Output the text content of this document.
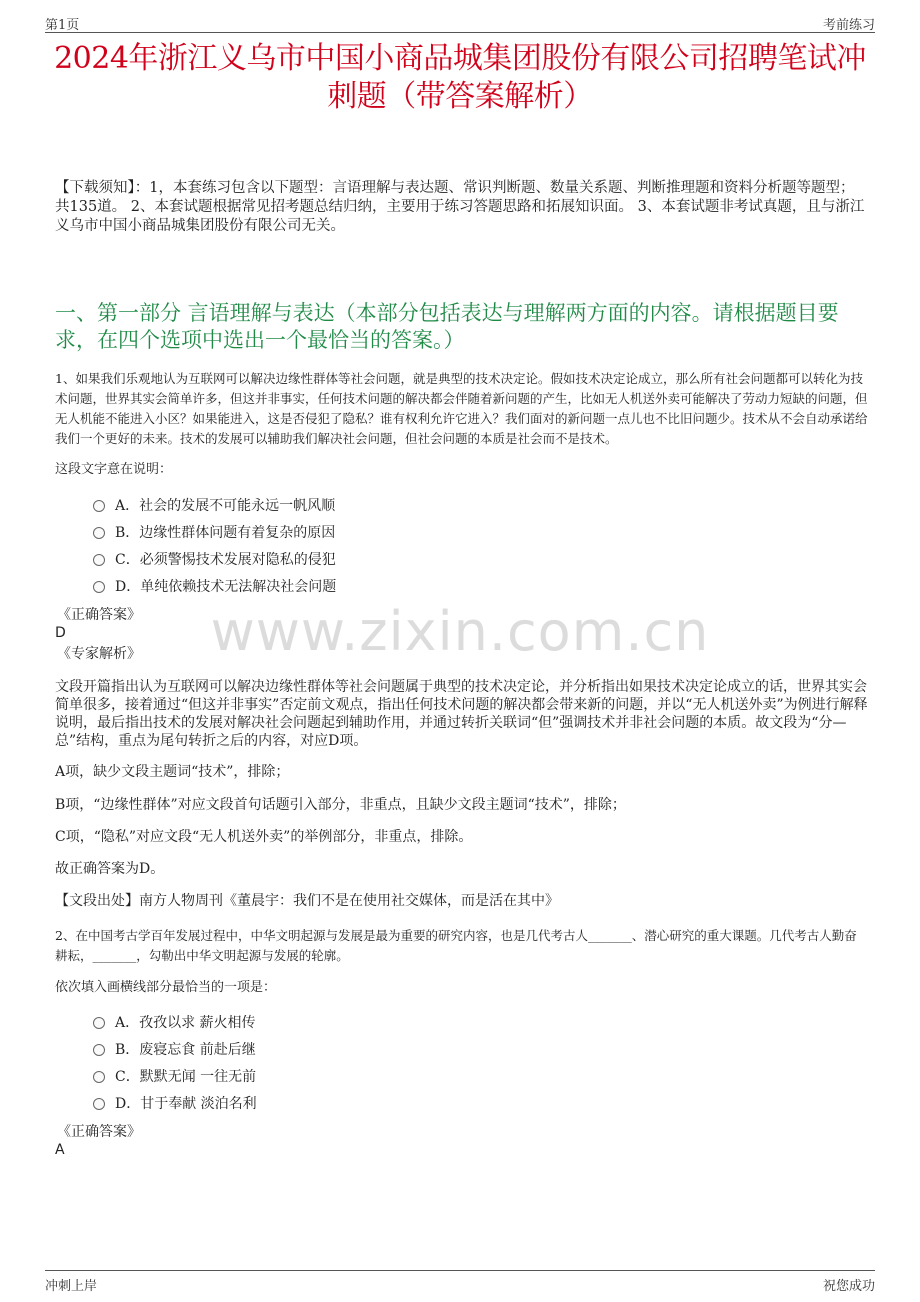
第1页	考前练习
2024年浙江义乌市中国小商品城集团股份有限公司招聘笔试冲刺题（带答案解析）
【下载须知】：1，本套练习包含以下题型：言语理解与表达题、常识判断题、数量关系题、判断推理题和资料分析题等题型；共135道。 2、本套试题根据常见招考题总结归纳，主要用于练习答题思路和拓展知识面。 3、本套试题非考试真题，且与浙江义乌市中国小商品城集团股份有限公司无关。
一、第一部分 言语理解与表达（本部分包括表达与理解两方面的内容。请根据题目要求，在四个选项中选出一个最恰当的答案。）
1、如果我们乐观地认为互联网可以解决边缘性群体等社会问题，就是典型的技术决定论。假如技术决定论成立，那么所有社会问题都可以转化为技术问题，世界其实会简单许多，但这并非事实，任何技术问题的解决都会伴随着新问题的产生，比如无人机送外卖可能解决了劳动力短缺的问题，但无人机能不能进入小区？如果能进入，这是否侵犯了隐私？谁有权利允许它进入？我们面对的新问题一点儿也不比旧问题少。技术从不会自动承诺给我们一个更好的未来。技术的发展可以辅助我们解决社会问题，但社会问题的本质是社会而不是技术。
这段文字意在说明：
A．社会的发展不可能永远一帆风顺
B．边缘性群体问题有着复杂的原因
C．必须警惕技术发展对隐私的侵犯
D．单纯依赖技术无法解决社会问题
《正确答案》
D
《专家解析》	www.zixin.com.cn
文段开篇指出认为互联网可以解决边缘性群体等社会问题属于典型的技术决定论，并分析指出如果技术决定论成立的话，世界其实会简单很多，接着通过“但这并非事实”否定前文观点，指出任何技术问题的解决都会带来新的问题，并以“无人机送外卖”为例进行解释说明，最后指出技术的发展对解决社会问题起到辅助作用，并通过转折关联词“但”强调技术并非社会问题的本质。故文段为“分—总”结构，重点为尾句转折之后的内容，对应D项。
A项，缺少文段主题词“技术”，排除；
B项，“边缘性群体”对应文段首句话题引入部分，非重点，且缺少文段主题词“技术”，排除；
C项，“隐私”对应文段“无人机送外卖”的举例部分，非重点，排除。
故正确答案为D。
【文段出处】南方人物周刊《董晨宇：我们不是在使用社交媒体，而是活在其中》
2、在中国考古学百年发展过程中，中华文明起源与发展是最为重要的研究内容，也是几代考古人_______、潜心研究的重大课题。几代考古人勤奋耕耘，_______，勾勒出中华文明起源与发展的轮廓。
依次填入画横线部分最恰当的一项是：
A．孜孜以求 薪火相传
B．废寝忘食 前赴后继
C．默默无闻 一往无前
D．甘于奉献 淡泊名利
《正确答案》
A
冲刺上岸	祝您成功
